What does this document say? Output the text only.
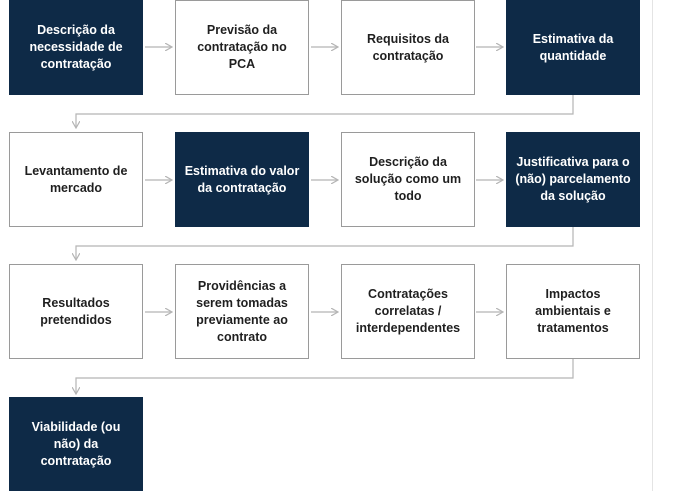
Descrição da necessidade de contratação
Previsão da contratação no PCA
Requisitos da contratação
Estimativa da quantidade
Levantamento de mercado
Estimativa do valor da contratação
Descrição da solução como um todo
Justificativa para o (não) parcelamento da solução
Resultados pretendidos
Providências a serem tomadas previamente ao contrato
Contratações correlatas / interdependentes
Impactos ambientais e tratamentos
Viabilidade (ou não) da contratação
